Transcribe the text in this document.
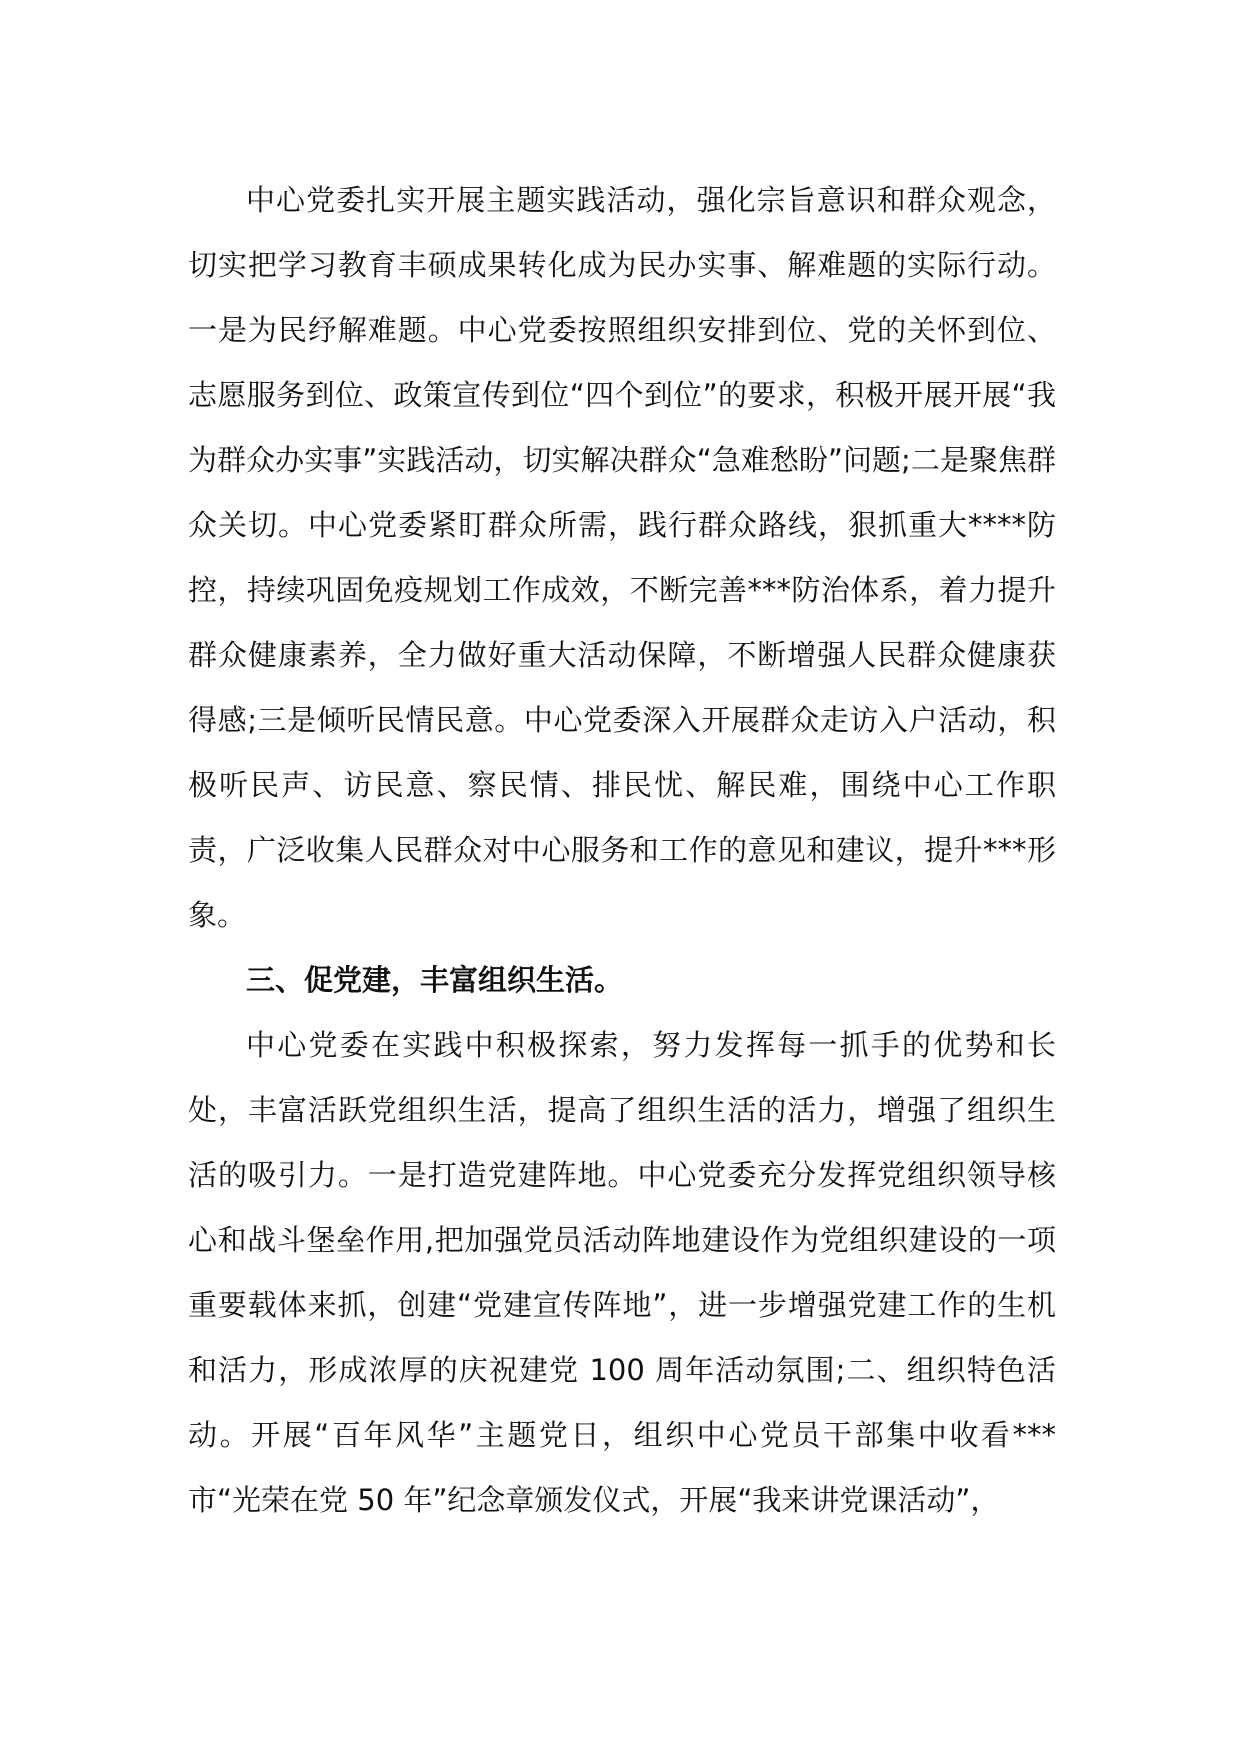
中心党委扎实开展主题实践活动，强化宗旨意识和群众观念，切实把学习教育丰硕成果转化成为民办实事、解难题的实际行动。一是为民纾解难题。中心党委按照组织安排到位、党的关怀到位、志愿服务到位、政策宣传到位“四个到位”的要求，积极开展开展“我为群众办实事”实践活动，切实解决群众“急难愁盼”问题;二是聚焦群众关切。中心党委紧盯群众所需，践行群众路线，狠抓重大****防控，持续巩固免疫规划工作成效，不断完善***防治体系，着力提升群众健康素养，全力做好重大活动保障，不断增强人民群众健康获得感;三是倾听民情民意。中心党委深入开展群众走访入户活动，积极听民声、访民意、察民情、排民忧、解民难，围绕中心工作职责，广泛收集人民群众对中心服务和工作的意见和建议，提升***形象。

三、促党建，丰富组织生活。

中心党委在实践中积极探索，努力发挥每一抓手的优势和长处，丰富活跃党组织生活，提高了组织生活的活力，增强了组织生活的吸引力。一是打造党建阵地。中心党委充分发挥党组织领导核心和战斗堡垒作用,把加强党员活动阵地建设作为党组织建设的一项重要载体来抓，创建“党建宣传阵地”，进一步增强党建工作的生机和活力，形成浓厚的庆祝建党 100 周年活动氛围;二、组织特色活动。开展“百年风华”主题党日，组织中心党员干部集中收看***市“光荣在党 50 年”纪念章颁发仪式，开展“我来讲党课活动”，
